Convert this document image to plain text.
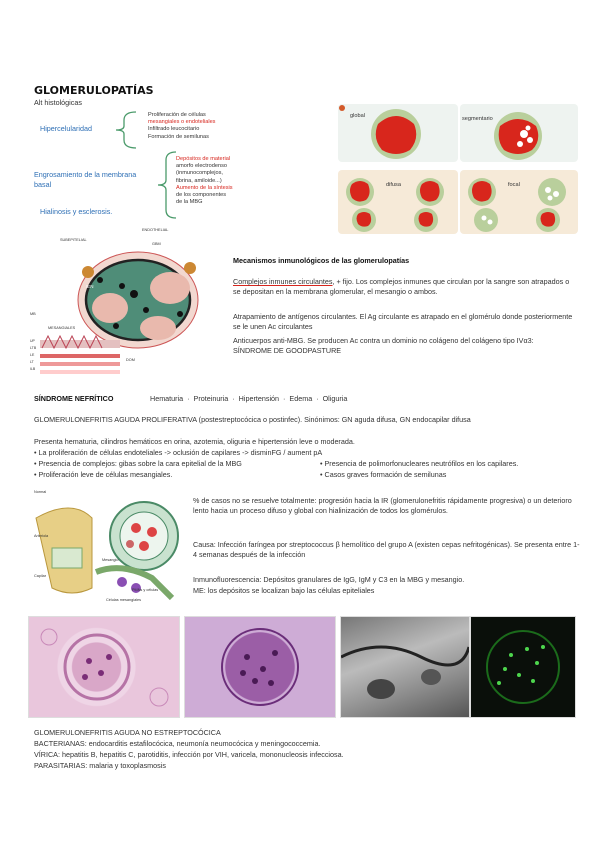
GLOMERULOPATÍAS
Alt histológicas
Hipercelularidad
Proliferación de células
mesangiales o endoteliales
Infiltrado leucocitario
Formación de semilunas
Engrosamiento de la membrana basal
Depósitos de material
amorfo electrodenso
(inmunocomplejos,
fibrina, amiloide...)
Aumento de la síntesis
de los componentes
de la MBG
Hialinosis y esclerosis.
global	segmentario
difusa	focal
ENDOTHELIAL
SUBEPITELIAL
GBM
IEN
MESANGIALES
MB
DOM
UP
LTB
LE
LT
ILB
Mecanismos inmunológicos de las glomerulopatías
Complejos inmunes circulantes, + fijo. Los complejos inmunes que circulan por la sangre son atrapados o se depositan en la membrana glomerular, el mesangio o ambos.
Atrapamiento de antígenos circulantes. El Ag circulante es atrapado en el glomérulo donde posteriormente se le unen Ac circulantes
Anticuerpos anti-MBG. Se producen Ac contra un dominio no colágeno del colágeno tipo IVα3: SÍNDROME DE GOODPASTURE
SÍNDROME NEFRÍTICO	Hematuria · Proteinuria · Hipertensión · Edema · Oliguria
GLOMERULONEFRITIS AGUDA PROLIFERATIVA (postestreptocócica o postinfec). Sinónimos: GN aguda difusa, GN endocapilar difusa
Presenta hematuria, cilindros hemáticos en orina, azotemia, oliguria e hipertensión leve o moderada.
• La proliferación de células endoteliales -> oclusión de capilares -> disminFG / aument pA
• Presencia de complejos: gibas sobre la cara epitelial de la MBG	• Presencia de polimorfonucleares neutrófilos en los capilares.
• Proliferación leve de células mesangiales.	• Casos graves formación de semilunas
Normal
Arteriola
Capilar
Mesangio
PMNs y células
Células mesangiales
% de casos no se resuelve totalmente: progresión hacia la IR (glomerulonefritis rápidamente progresiva) o un deterioro lento hacia un proceso difuso y global con hialinización de todos los glomérulos.
Causa: Infección faríngea por streptococcus β hemolítico del grupo A (existen cepas nefritogénicas). Se presenta entre 1-4 semanas después de la infección
Inmunofluorescencia: Depósitos granulares de IgG, IgM y C3 en la MBG y mesangio.
ME: los depósitos se localizan bajo las células epiteliales
GLOMERULONEFRITIS AGUDA NO ESTREPTOCÓCICA
BACTERIANAS: endocarditis estafilocócica, neumonía neumocócica y meningococcemia.
VÍRICA: hepatitis B, hepatitis C, parotiditis, infección por VIH, varicela, mononucleosis infecciosa.
PARASITARIAS: malaria y toxoplasmosis
